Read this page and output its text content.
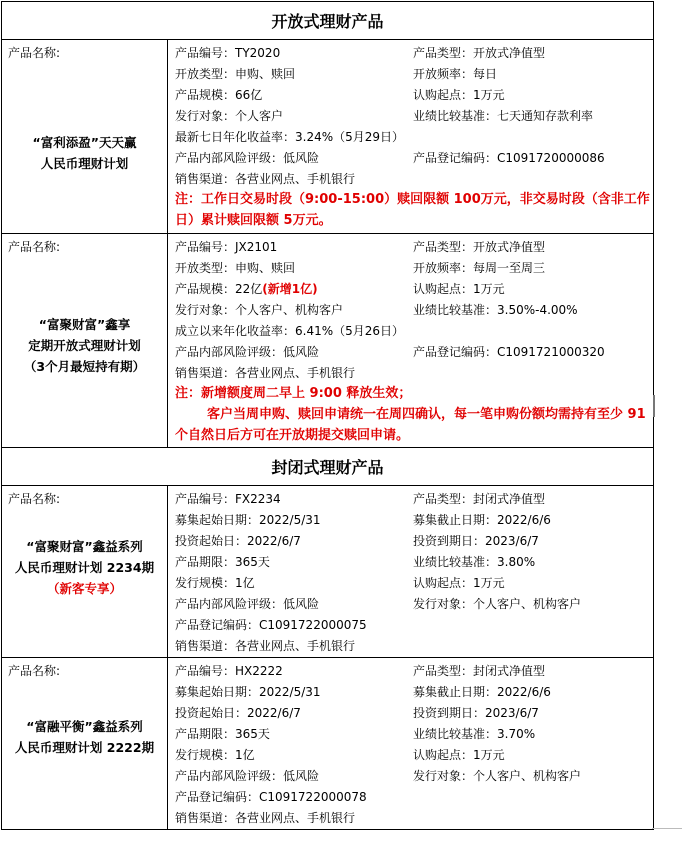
开放式理财产品
产品名称:
“富利添盈”天天赢
人民币理财计划
产品编号：TY2020	产品类型：开放式净值型
开放类型：申购、赎回	开放频率：每日
产品规模：66亿	认购起点：1万元
发行对象：个人客户	业绩比较基准：七天通知存款利率
最新七日年化收益率：3.24%（5月29日）
产品内部风险评级：低风险	产品登记编码：C1091720000086
销售渠道：各营业网点、手机银行
注：工作日交易时段（9:00-15:00）赎回限额 100万元，非交易时段（含非工作日）累计赎回限额 5万元。
产品名称:
“富聚财富”鑫享
定期开放式理财计划
（3个月最短持有期）
产品编号：JX2101	产品类型：开放式净值型
开放类型：申购、赎回	开放频率：每周一至周三
产品规模：22亿(新增1亿)	认购起点：1万元
发行对象：个人客户、机构客户	业绩比较基准：3.50%-4.00%
成立以来年化收益率：6.41%（5月26日）
产品内部风险评级：低风险	产品登记编码：C1091721000320
销售渠道：各营业网点、手机银行
注：新增额度周二早上 9:00 释放生效；
客户当周申购、赎回申请统一在周四确认，每一笔申购份额均需持有至少 91 个自然日后方可在开放期提交赎回申请。
封闭式理财产品
产品名称:
“富聚财富”鑫益系列
人民币理财计划 2234期
（新客专享）
产品编号：FX2234	产品类型：封闭式净值型
募集起始日期：2022/5/31	募集截止日期：2022/6/6
投资起始日：2022/6/7	投资到期日：2023/6/7
产品期限：365天	业绩比较基准：3.80%
发行规模：1亿	认购起点：1万元
产品内部风险评级：低风险	发行对象：个人客户、机构客户
产品登记编码：C1091722000075
销售渠道：各营业网点、手机银行
产品名称:
“富融平衡”鑫益系列
人民币理财计划 2222期
产品编号：HX2222	产品类型：封闭式净值型
募集起始日期：2022/5/31	募集截止日期：2022/6/6
投资起始日：2022/6/7	投资到期日：2023/6/7
产品期限：365天	业绩比较基准：3.70%
发行规模：1亿	认购起点：1万元
产品内部风险评级：低风险	发行对象：个人客户、机构客户
产品登记编码：C1091722000078
销售渠道：各营业网点、手机银行
